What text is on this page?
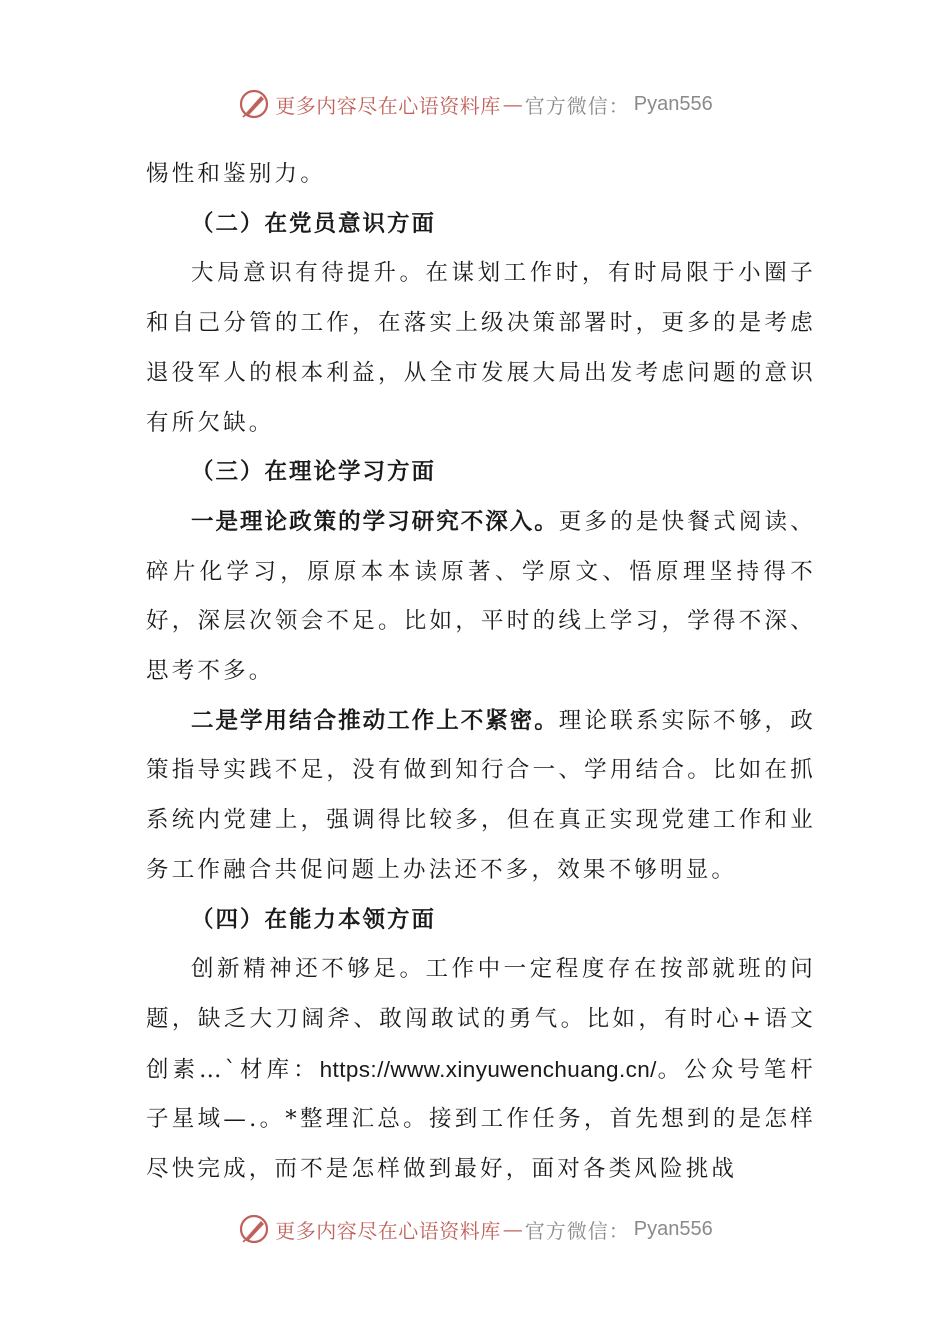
更多内容尽在心语资料库 — 官方微信： Pyan556

惕性和鉴别力。

（二）在党员意识方面

大局意识有待提升。在谋划工作时，有时局限于小圈子和自己分管的工作，在落实上级决策部署时，更多的是考虑退役军人的根本利益，从全市发展大局出发考虑问题的意识有所欠缺。

（三）在理论学习方面

一是理论政策的学习研究不深入。更多的是快餐式阅读、碎片化学习，原原本本读原著、学原文、悟原理坚持得不好，深层次领会不足。比如，平时的线上学习，学得不深、思考不多。

二是学用结合推动工作上不紧密。理论联系实际不够，政策指导实践不足，没有做到知行合一、学用结合。比如在抓系统内党建上，强调得比较多，但在真正实现党建工作和业务工作融合共促问题上办法还不多，效果不够明显。

（四）在能力本领方面

创新精神还不够足。工作中一定程度存在按部就班的问题，缺乏大刀阔斧、敢闯敢试的勇气。比如，有时心+语文创素…`材库：https://www.xinyuwenchuang.cn/。公众号笔杆子星域—.。*整理汇总。接到工作任务，首先想到的是怎样尽快完成，而不是怎样做到最好，面对各类风险挑战

更多内容尽在心语资料库 — 官方微信： Pyan556
